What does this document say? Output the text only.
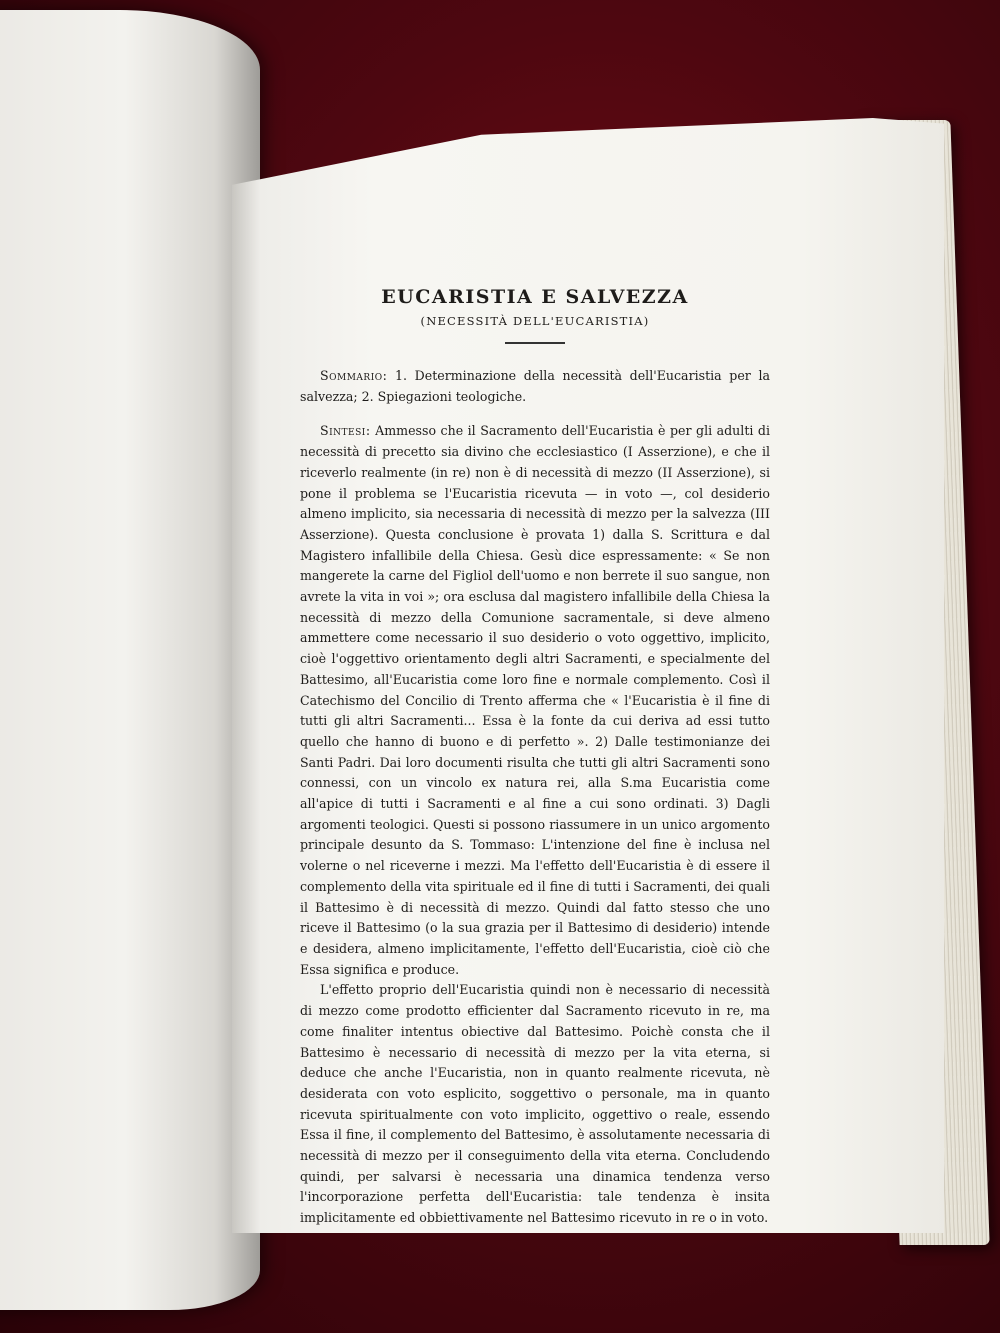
EUCARISTIA E SALVEZZA

(NECESSITÀ DELL'EUCARISTIA)

Sommario: 1. Determinazione della necessità dell'Eucaristia per la salvezza; 2. Spiegazioni teologiche.

Sintesi: Ammesso che il Sacramento dell'Eucaristia è per gli adulti di necessità di precetto sia divino che ecclesiastico (I Asserzione), e che il riceverlo realmente (in re) non è di necessità di mezzo (II Asserzione), si pone il problema se l'Eucaristia ricevuta — in voto —, col desiderio almeno implicito, sia necessaria di necessità di mezzo per la salvezza (III Asserzione). Questa conclusione è provata 1) dalla S. Scrittura e dal Magistero infallibile della Chiesa. Gesù dice espressamente: « Se non mangerete la carne del Figliol dell'uomo e non berrete il suo sangue, non avrete la vita in voi »; ora esclusa dal magistero infallibile della Chiesa la necessità di mezzo della Comunione sacramentale, si deve almeno ammettere come necessario il suo desiderio o voto oggettivo, implicito, cioè l'oggettivo orientamento degli altri Sacramenti, e specialmente del Battesimo, all'Eucaristia come loro fine e normale complemento. Così il Catechismo del Concilio di Trento afferma che « l'Eucaristia è il fine di tutti gli altri Sacramenti... Essa è la fonte da cui deriva ad essi tutto quello che hanno di buono e di perfetto ». 2) Dalle testimonianze dei Santi Padri. Dai loro documenti risulta che tutti gli altri Sacramenti sono connessi, con un vincolo ex natura rei, alla S.ma Eucaristia come all'apice di tutti i Sacramenti e al fine a cui sono ordinati. 3) Dagli argomenti teologici. Questi si possono riassumere in un unico argomento principale desunto da S. Tommaso: L'intenzione del fine è inclusa nel volerne o nel riceverne i mezzi. Ma l'effetto dell'Eucaristia è di essere il complemento della vita spirituale ed il fine di tutti i Sacramenti, dei quali il Battesimo è di necessità di mezzo. Quindi dal fatto stesso che uno riceve il Battesimo (o la sua grazia per il Battesimo di desiderio) intende e desidera, almeno implicitamente, l'effetto dell'Eucaristia, cioè ciò che Essa significa e produce.

L'effetto proprio dell'Eucaristia quindi non è necessario di necessità di mezzo come prodotto efficienter dal Sacramento ricevuto in re, ma come finaliter intentus obiective dal Battesimo. Poichè consta che il Battesimo è necessario di necessità di mezzo per la vita eterna, si deduce che anche l'Eucaristia, non in quanto realmente ricevuta, nè desiderata con voto esplicito, soggettivo o personale, ma in quanto ricevuta spiritualmente con voto implicito, oggettivo o reale, essendo Essa il fine, il complemento del Battesimo, è assolutamente necessaria di necessità di mezzo per il conseguimento della vita eterna. Concludendo quindi, per salvarsi è necessaria una dinamica tendenza verso l'incorporazione perfetta dell'Eucaristia: tale tendenza è insita implicitamente ed obbiettivamente nel Battesimo ricevuto in re o in voto.
